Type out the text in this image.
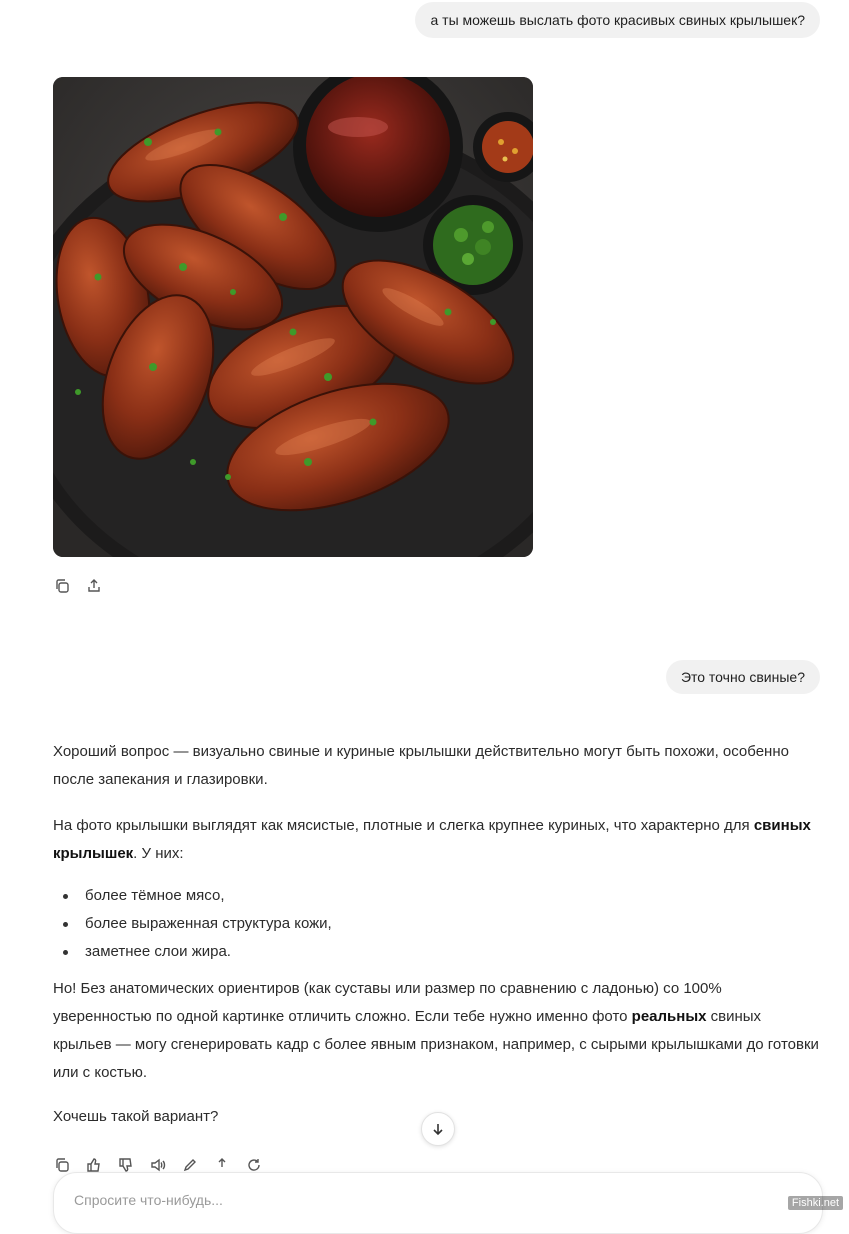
а ты можешь выслать фото красивых свиных крылышек?
Это точно свиные?
Хороший вопрос — визуально свиные и куриные крылышки действительно могут быть похожи, особенно после запекания и глазировки.
На фото крылышки выглядят как мясистые, плотные и слегка крупнее куриных, что характерно для свиных крылышек. У них:
более тёмное мясо,
более выраженная структура кожи,
заметнее слои жира.
Но! Без анатомических ориентиров (как суставы или размер по сравнению с ладонью) со 100% уверенностью по одной картинке отличить сложно. Если тебе нужно именно фото реальных свиных крыльев — могу сгенерировать кадр с более явным признаком, например, с сырыми крылышками до готовки или с костью.
Хочешь такой вариант?
Спросите что-нибудь...
Fishki.net
